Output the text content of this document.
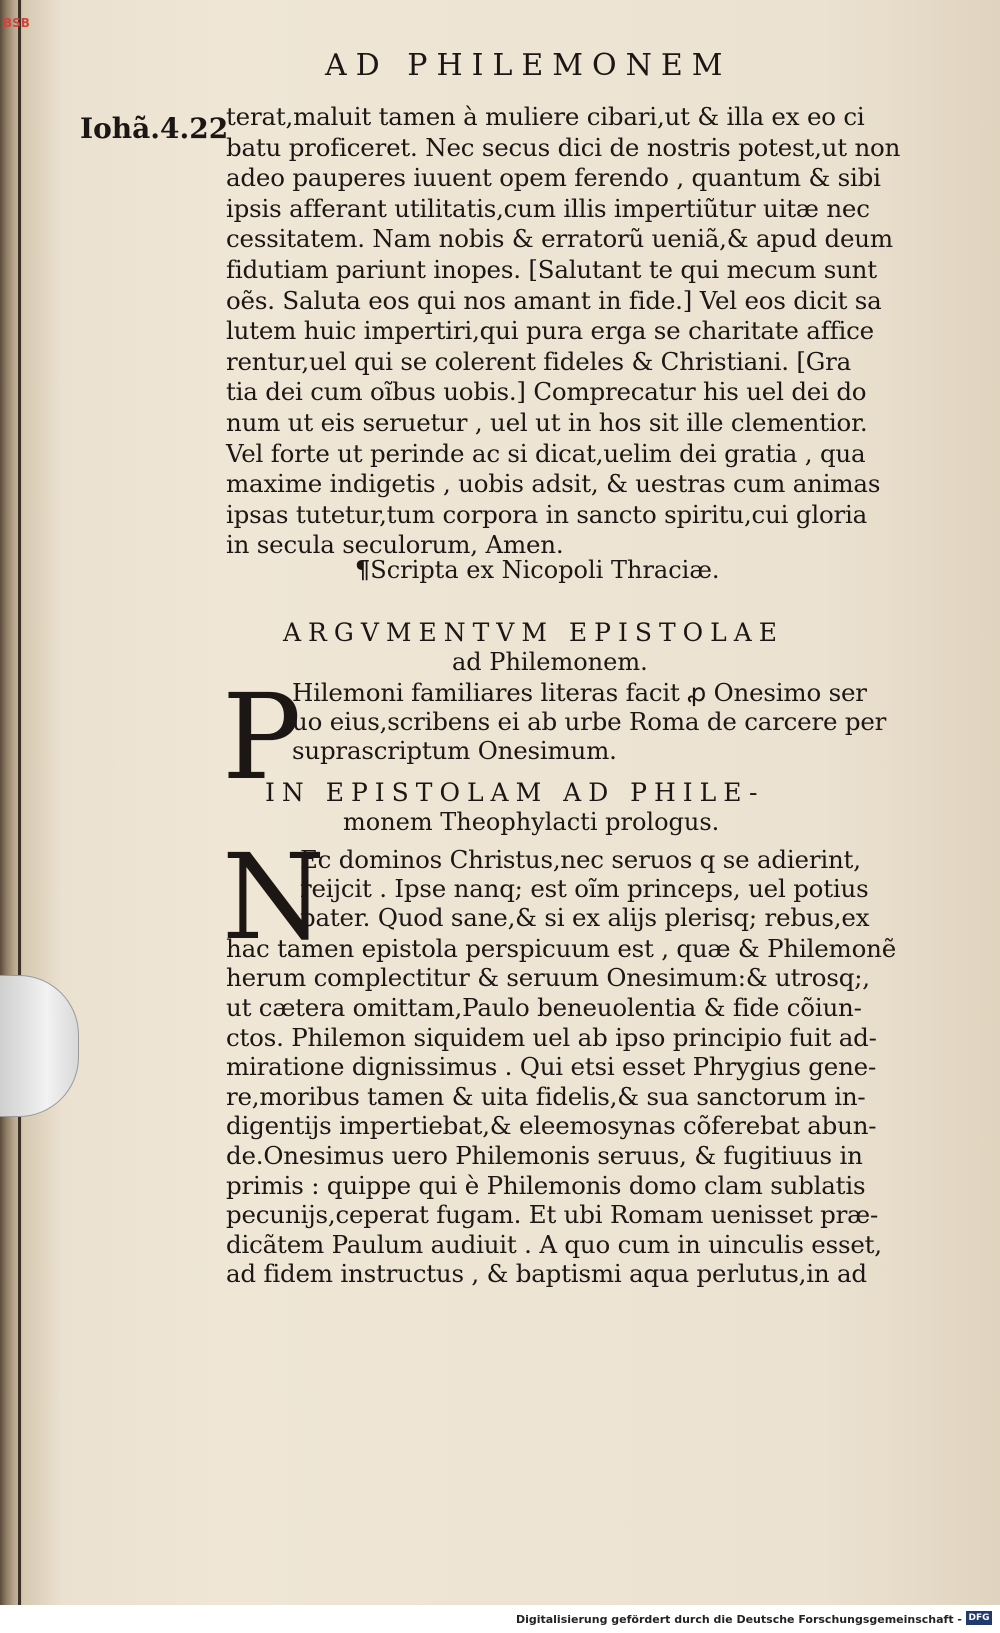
BSB
AD PHILEMONEM
Iohã.4.22
terat,maluit tamen à muliere cibari,ut & illa ex eo ci
batu proficeret. Nec secus dici de nostris potest,ut non
adeo pauperes iuuent opem ferendo , quantum & sibi
ipsis afferant utilitatis,cum illis impertiũtur uitæ nec
cessitatem. Nam nobis & erratorũ ueniã,& apud deum
fidutiam pariunt inopes. [Salutant te qui mecum sunt
oẽs. Saluta eos qui nos amant in fide.] Vel eos dicit sa
lutem huic impertiri,qui pura erga se charitate affice
rentur,uel qui se colerent fideles & Christiani. [Gra
tia dei cum oĩbus uobis.] Comprecatur his uel dei do
num ut eis seruetur , uel ut in hos sit ille clementior.
Vel forte ut perinde ac si dicat,uelim dei gratia , qua
maxime indigetis , uobis adsit, & uestras cum animas
ipsas tutetur,tum corpora in sancto spiritu,cui gloria
in secula seculorum, Amen.
¶Scripta ex Nicopoli Thraciæ.
ARGVMENTVM EPISTOLAE
ad Philemonem.
P
Hilemoni familiares literas facit ꝓ Onesimo ser
uo eius,scribens ei ab urbe Roma de carcere per
suprascriptum Onesimum.
IN EPISTOLAM AD PHILE-
monem Theophylacti prologus.
N
Ec dominos Christus,nec seruos q se adierint,
reijcit . Ipse nanq; est oĩm princeps, uel potius
pater. Quod sane,& si ex alijs plerisq; rebus,ex
hac tamen epistola perspicuum est , quæ & Philemonẽ
herum complectitur & seruum Onesimum:& utrosq;,
ut cætera omittam,Paulo beneuolentia & fide cõiun-
ctos. Philemon siquidem uel ab ipso principio fuit ad-
miratione dignissimus . Qui etsi esset Phrygius gene-
re,moribus tamen & uita fidelis,& sua sanctorum in-
digentijs impertiebat,& eleemosynas cõferebat abun-
de.Onesimus uero Philemonis seruus, & fugitiuus in
primis : quippe qui è Philemonis domo clam sublatis
pecunijs,ceperat fugam. Et ubi Romam uenisset præ-
dicãtem Paulum audiuit . A quo cum in uinculis esset,
ad fidem instructus , & baptismi aqua perlutus,in ad
Digitalisierung gefördert durch die Deutsche Forschungsgemeinschaft - DFG
